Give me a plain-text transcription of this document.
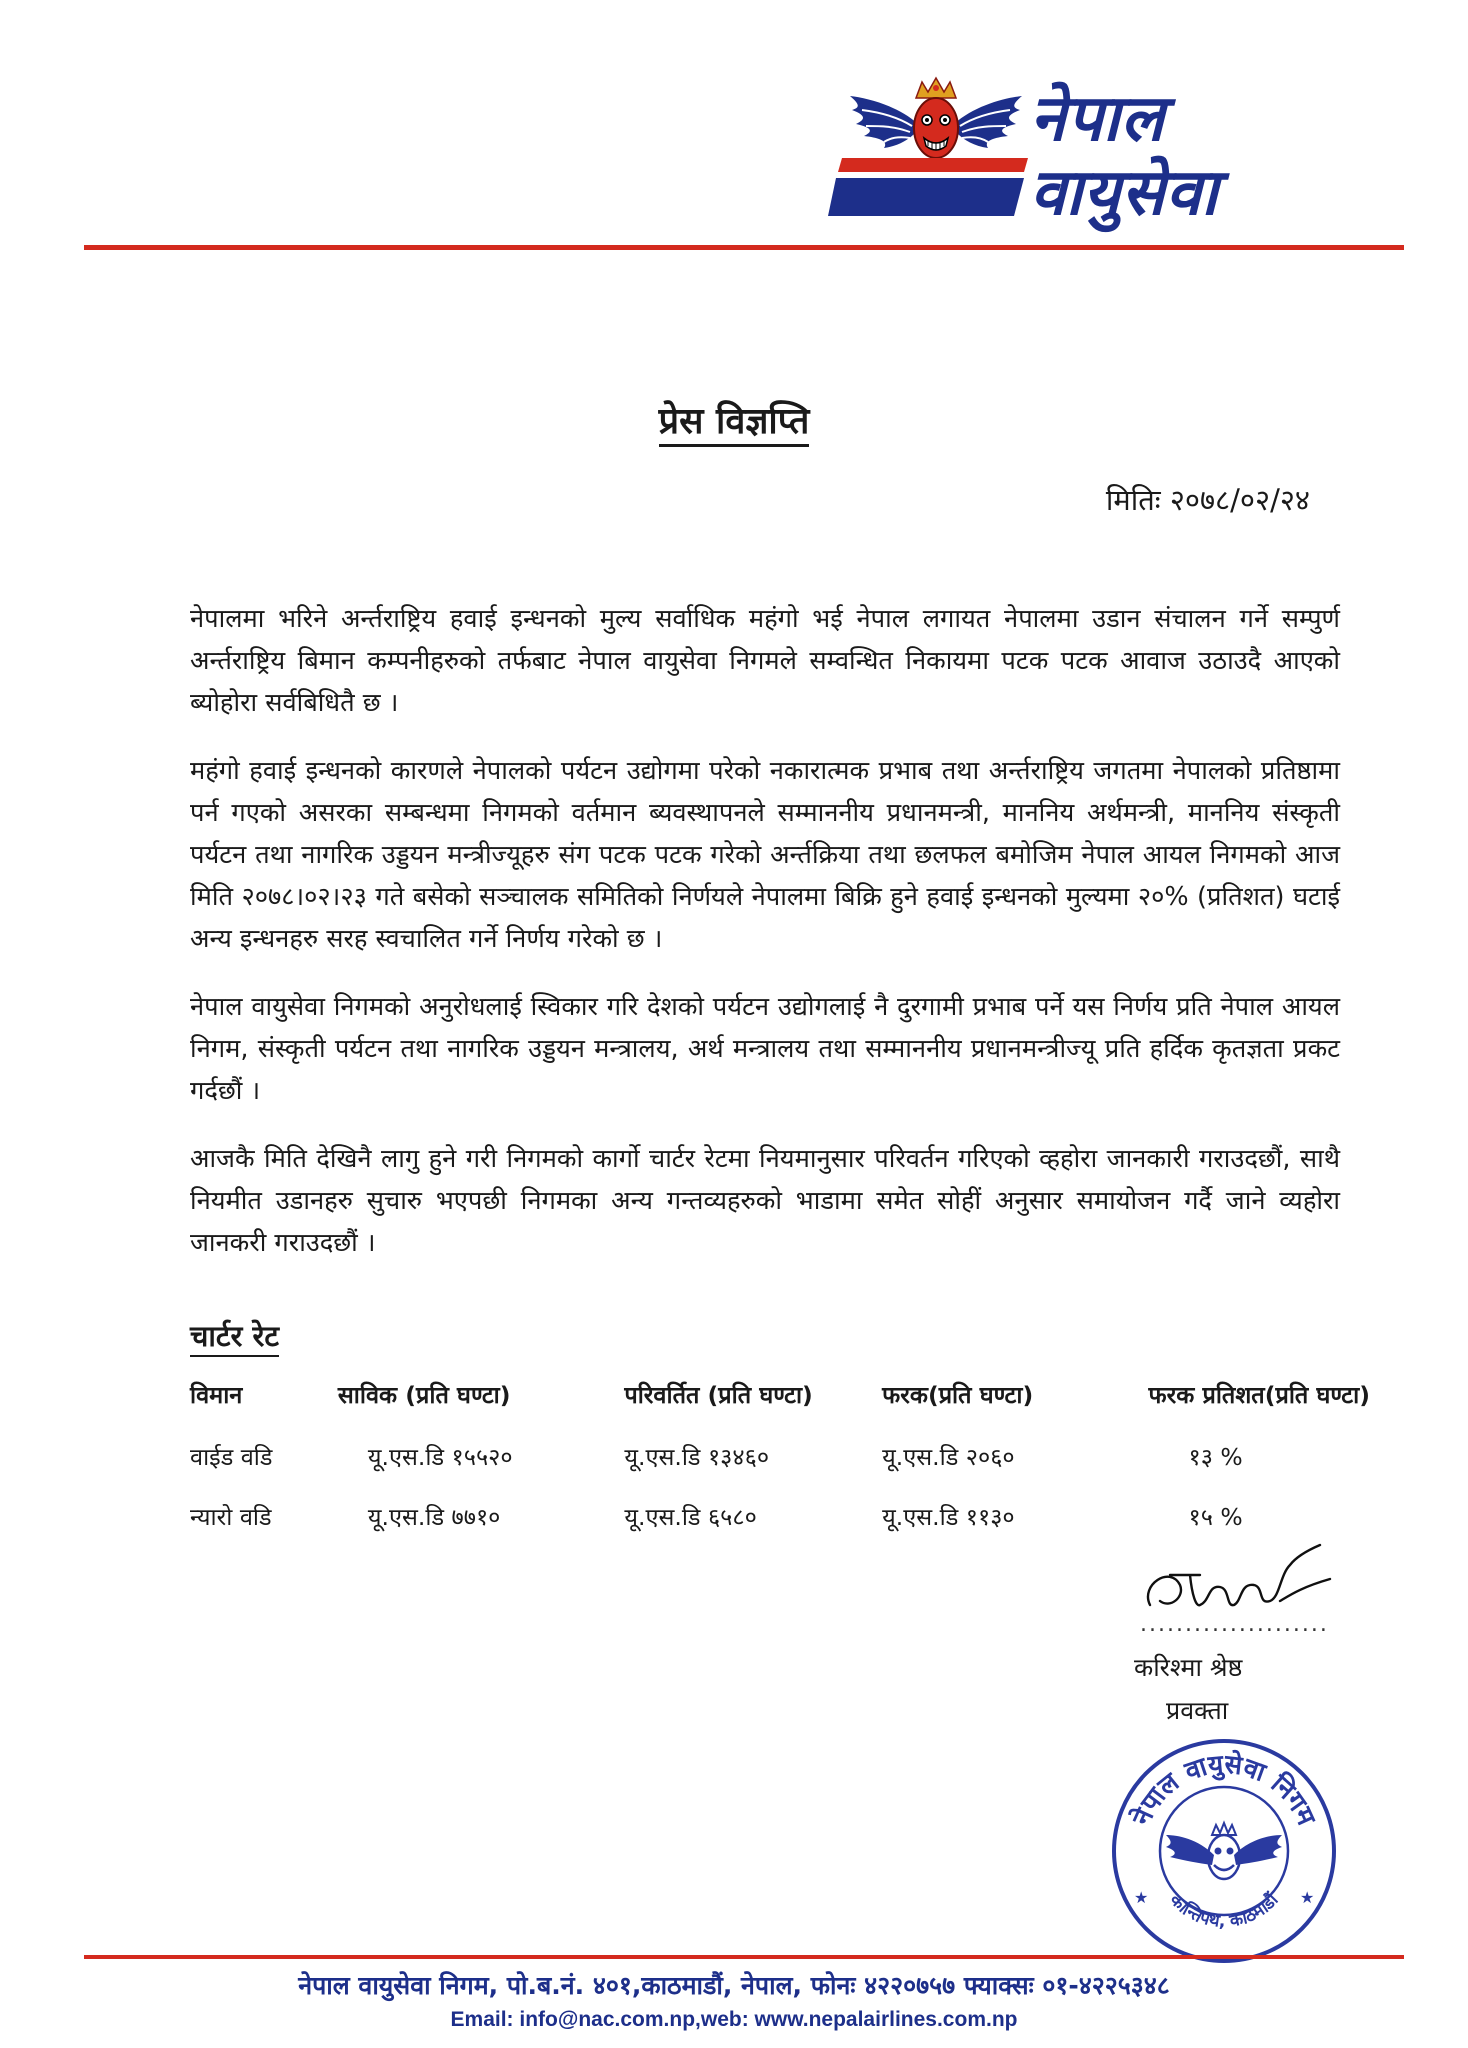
नेपाल
वायुसेवा
प्रेस विज्ञप्ति
मितिः २०७८/०२/२४

नेपालमा भरिने अर्न्तराष्ट्रिय हवाई इन्धनको मुल्य सर्वाधिक महंगो भई नेपाल लगायत नेपालमा उडान संचालन गर्ने सम्पुर्ण अर्न्तराष्ट्रिय बिमान कम्पनीहरुको तर्फबाट नेपाल वायुसेवा निगमले सम्वन्धित निकायमा पटक पटक आवाज उठाउदै आएको ब्योहोरा सर्वबिधितै छ ।

महंगो हवाई इन्धनको कारणले नेपालको पर्यटन उद्योगमा परेको नकारात्मक प्रभाब तथा अर्न्तराष्ट्रिय जगतमा नेपालको प्रतिष्ठामा पर्न गएको असरका सम्बन्धमा निगमको वर्तमान ब्यवस्थापनले सम्माननीय प्रधानमन्त्री, माननिय अर्थमन्त्री, माननिय संस्कृती पर्यटन तथा नागरिक उड्डयन मन्त्रीज्यूहरु संग पटक पटक गरेको अर्न्तक्रिया तथा छलफल बमोजिम नेपाल आयल निगमको आज मिति २०७८।०२।२३ गते बसेको सञ्चालक समितिको निर्णयले नेपालमा बिक्रि हुने हवाई इन्धनको मुल्यमा २०% (प्रतिशत) घटाई अन्य इन्धनहरु सरह स्वचालित गर्ने निर्णय गरेको छ ।

नेपाल वायुसेवा निगमको अनुरोधलाई स्विकार गरि देशको पर्यटन उद्योगलाई नै दुरगामी प्रभाब पर्ने यस निर्णय प्रति नेपाल आयल निगम, संस्कृती पर्यटन तथा नागरिक उड्डयन मन्त्रालय, अर्थ मन्त्रालय तथा सम्माननीय प्रधानमन्त्रीज्यू प्रति हर्दिक कृतज्ञता प्रकट गर्दछौं ।

आजकै मिति देखिनै लागु हुने गरी निगमको कार्गो चार्टर रेटमा नियमानुसार परिवर्तन गरिएको व्हहोरा जानकारी गराउदछौं, साथै नियमीत उडानहरु सुचारु भएपछी निगमका अन्य गन्तव्यहरुको भाडामा समेत सोहीं अनुसार समायोजन गर्दै जाने व्यहोरा जानकरी गराउदछौं ।

चार्टर रेट
विमान	साविक (प्रति घण्टा)	परिवर्तित (प्रति घण्टा)	फरक(प्रति घण्टा)	फरक प्रतिशत(प्रति घण्टा)
वाईड वडि	यू.एस.डि १५५२०	यू.एस.डि १३४६०	यू.एस.डि २०६०	१३ %
न्यारो वडि	यू.एस.डि ७७१०	यू.एस.डि ६५८०	यू.एस.डि ११३०	१५ %
.....................
करिश्मा श्रेष्ठ
प्रवक्ता
नेपाल वायुसेवा निगम
कान्तिपथ, काठमाडौं
★	★
नेपाल वायुसेवा निगम, पो.ब.नं. ४०१,काठमाडौं, नेपाल, फोनः ४२२०७५७ फ्याक्सः ०१-४२२५३४८
Email: info@nac.com.np,web: www.nepalairlines.com.np
